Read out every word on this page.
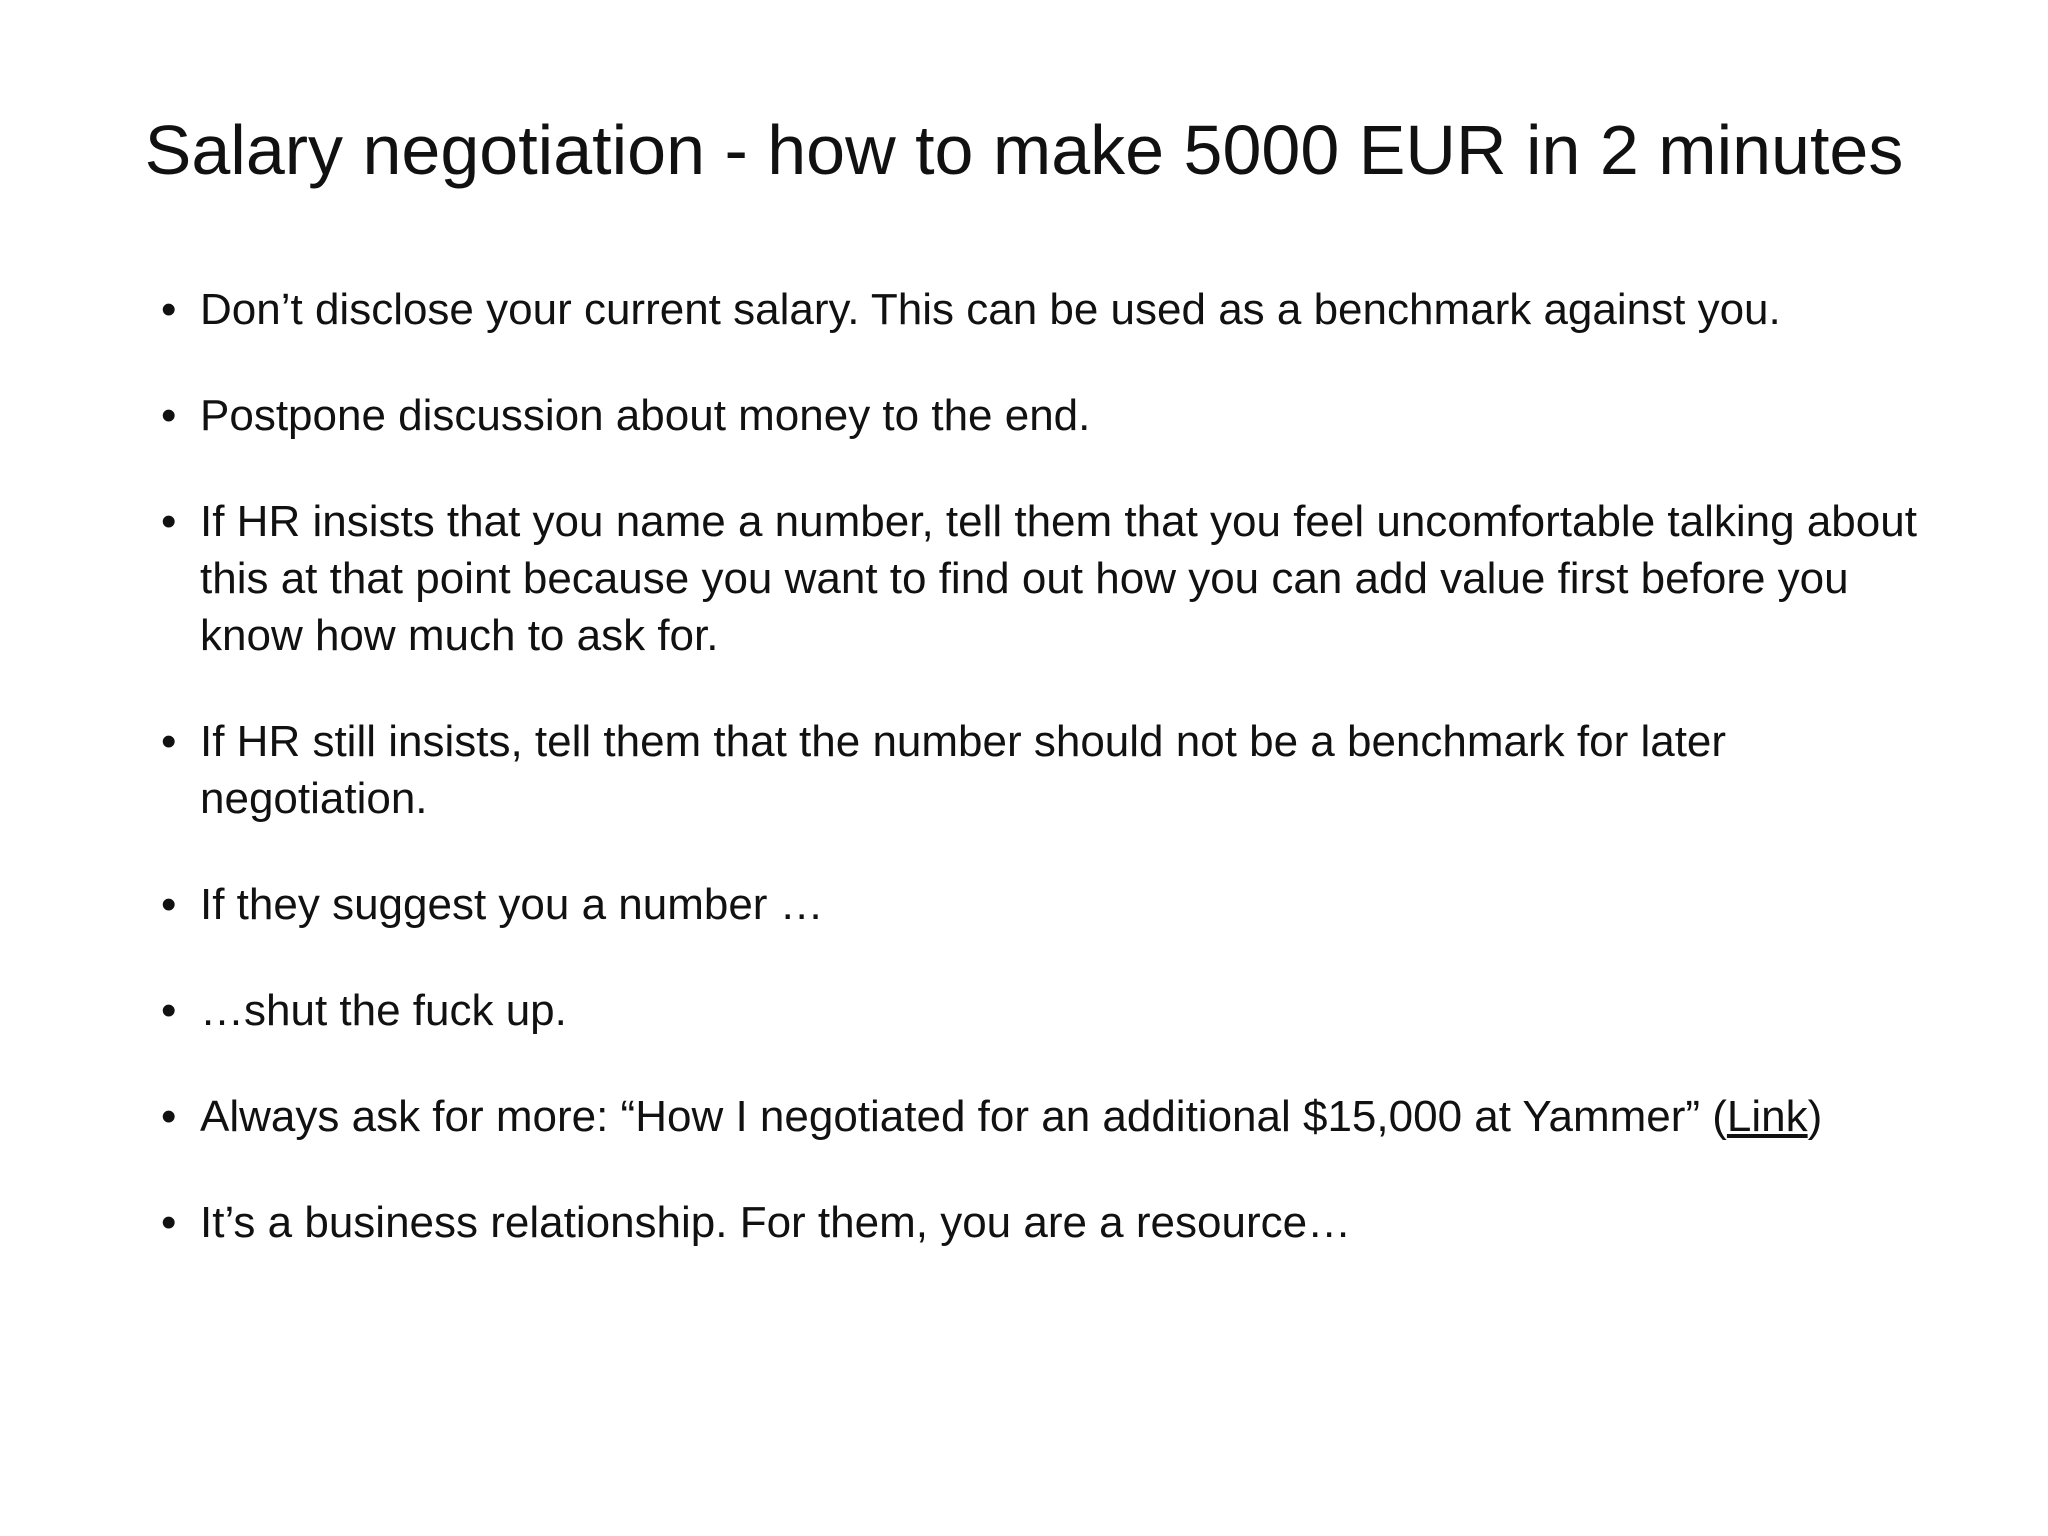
Salary negotiation - how to make 5000 EUR in 2 minutes
• Don’t disclose your current salary. This can be used as a benchmark against you.
• Postpone discussion about money to the end.
• If HR insists that you name a number, tell them that you feel uncomfortable talking about this at that point because you want to find out how you can add value first before you know how much to ask for.
• If HR still insists, tell them that the number should not be a benchmark for later negotiation.
• If they suggest you a number …
• …shut the fuck up.
• Always ask for more: “How I negotiated for an additional $15,000 at Yammer” (Link)
• It’s a business relationship. For them, you are a resource…
